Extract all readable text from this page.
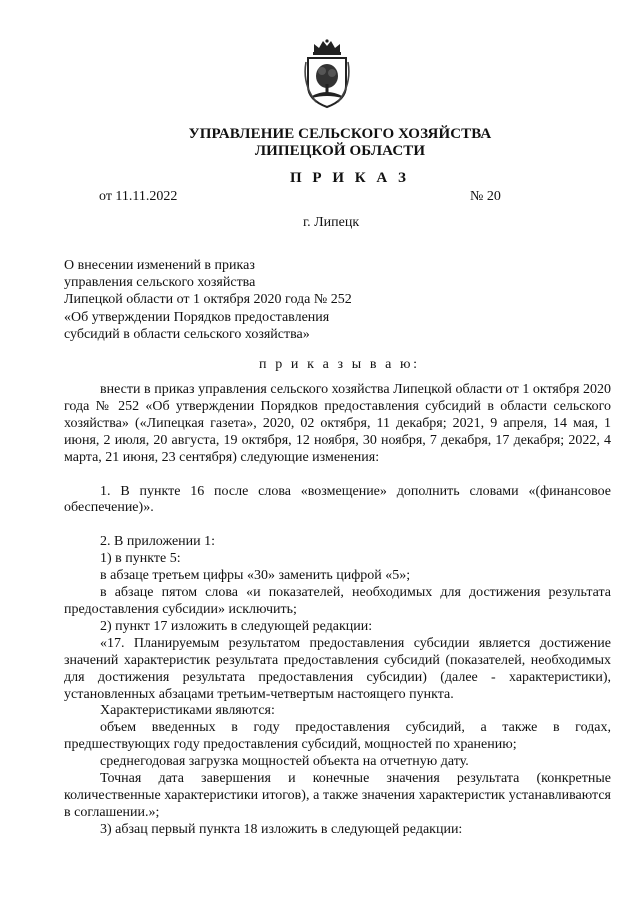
УПРАВЛЕНИЕ СЕЛЬСКОГО ХОЗЯЙСТВА
ЛИПЕЦКОЙ ОБЛАСТИ
П Р И К А З
от 11.11.2022	№ 20
г. Липецк
О внесении изменений в приказ
управления сельского хозяйства
Липецкой области от 1 октября 2020 года № 252
«Об утверждении Порядков предоставления
субсидий в области сельского хозяйства»
п р и к а з ы в а ю:

внести в приказ управления сельского хозяйства Липецкой области от 1 октября 2020 года № 252 «Об утверждении Порядков предоставления субсидий в области сельского хозяйства» («Липецкая газета», 2020, 02 октября, 11 декабря; 2021, 9 апреля, 14 мая, 1 июня, 2 июля, 20 августа, 19 октября, 12 ноября, 30 ноября, 7 декабря, 17 декабря; 2022, 4 марта, 21 июня, 23 сентября) следующие изменения:

1. В пункте 16 после слова «возмещение» дополнить словами «(финансовое обеспечение)».

2. В приложении 1:

1) в пункте 5:

в абзаце третьем цифры «30» заменить цифрой «5»;

в абзаце пятом слова «и показателей, необходимых для достижения результата предоставления субсидии» исключить;

2) пункт 17 изложить в следующей редакции:

«17. Планируемым результатом предоставления субсидии является достижение значений характеристик результата предоставления субсидий (показателей, необходимых для достижения результата предоставления субсидии) (далее - характеристики), установленных абзацами третьим-четвертым настоящего пункта.

Характеристиками являются:

объем введенных в году предоставления субсидий, а также в годах, предшествующих году предоставления субсидий, мощностей по хранению;

среднегодовая загрузка мощностей объекта на отчетную дату.

Точная дата завершения и конечные значения результата (конкретные количественные характеристики итогов), а также значения характеристик устанавливаются в соглашении.»;

3) абзац первый пункта 18 изложить в следующей редакции:
